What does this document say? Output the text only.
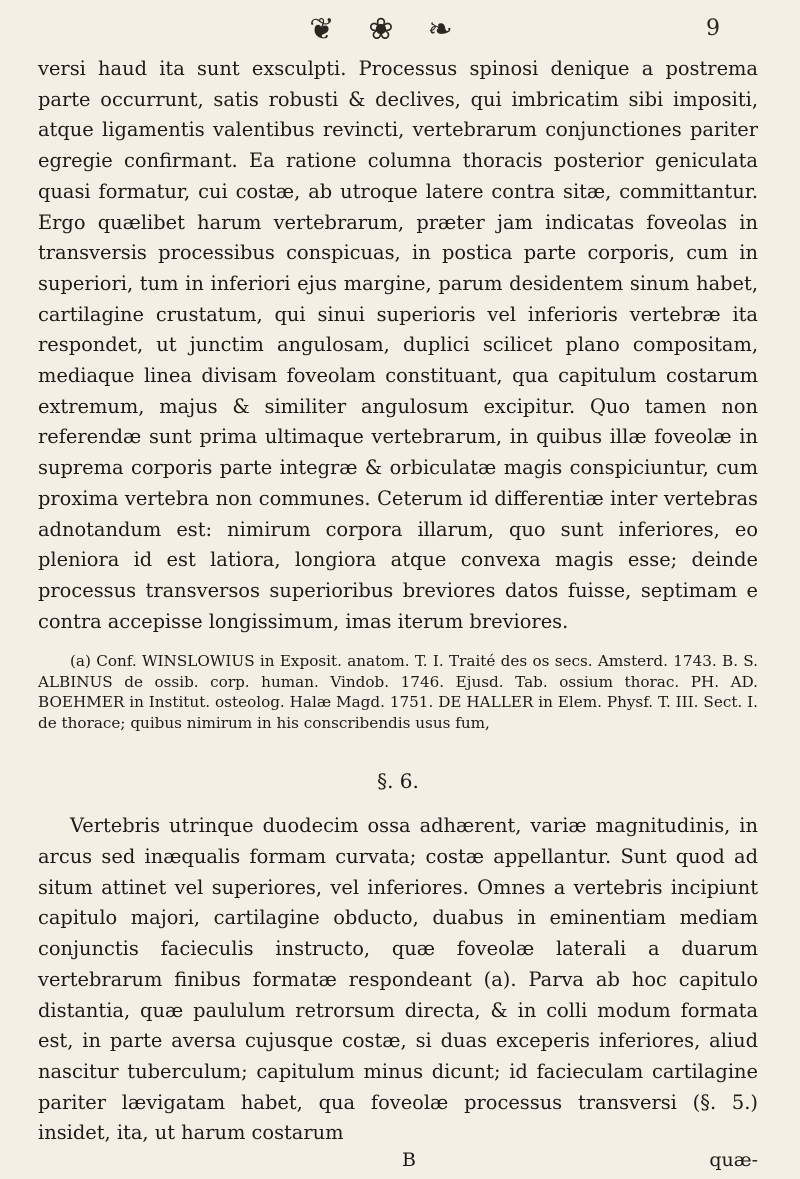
❦❀❧	9

versi haud ita sunt exsculpti. Processus spinosi denique a postrema parte occurrunt, satis robusti & declives, qui imbricatim sibi impositi, atque ligamentis valentibus revincti, vertebrarum conjunctiones pariter egregie confirmant. Ea ratione columna thoracis posterior geniculata quasi formatur, cui costæ, ab utroque latere contra sitæ, committantur. Ergo quælibet harum vertebrarum, præter jam indicatas foveolas in transversis processibus conspicuas, in postica parte corporis, cum in superiori, tum in inferiori ejus margine, parum desidentem sinum habet, cartilagine crustatum, qui sinui superioris vel inferioris vertebræ ita respondet, ut junctim angulosam, duplici scilicet plano compositam, mediaque linea divisam foveolam constituant, qua capitulum costarum extremum, majus & similiter angulosum excipitur. Quo tamen non referendæ sunt prima ultimaque vertebrarum, in quibus illæ foveolæ in suprema corporis parte integræ & orbiculatæ magis conspiciuntur, cum proxima vertebra non communes. Ceterum id differentiæ inter vertebras adnotandum est: nimirum corpora illarum, quo sunt inferiores, eo pleniora id est latiora, longiora atque convexa magis esse; deinde processus transversos superioribus breviores datos fuisse, septimam e contra accepisse longissimum, imas iterum breviores.

(a) Conf. WINSLOWIUS in Exposit. anatom. T. I. Traité des os secs. Amsterd. 1743. B. S. ALBINUS de ossib. corp. human. Vindob. 1746. Ejusd. Tab. ossium thorac. PH. AD. BOEHMER in Institut. osteolog. Halæ Magd. 1751. DE HALLER in Elem. Physf. T. III. Sect. I. de thorace; quibus nimirum in his conscribendis usus fum,

§. 6.

Vertebris utrinque duodecim ossa adhærent, variæ magnitudinis, in arcus sed inæqualis formam curvata; costæ appellantur. Sunt quod ad situm attinet vel superiores, vel inferiores. Omnes a vertebris incipiunt capitulo majori, cartilagine obducto, duabus in eminentiam mediam conjunctis facieculis instructo, quæ foveolæ laterali a duarum vertebrarum finibus formatæ respondeant (a). Parva ab hoc capitulo distantia, quæ paululum retrorsum directa, & in colli modum formata est, in parte aversa cujusque costæ, si duas exceperis inferiores, aliud nascitur tuberculum; capitulum minus dicunt; id facieculam cartilagine pariter lævigatam habet, qua foveolæ processus transversi (§. 5.) insidet, ita, ut harum costarum

B	quæ-
